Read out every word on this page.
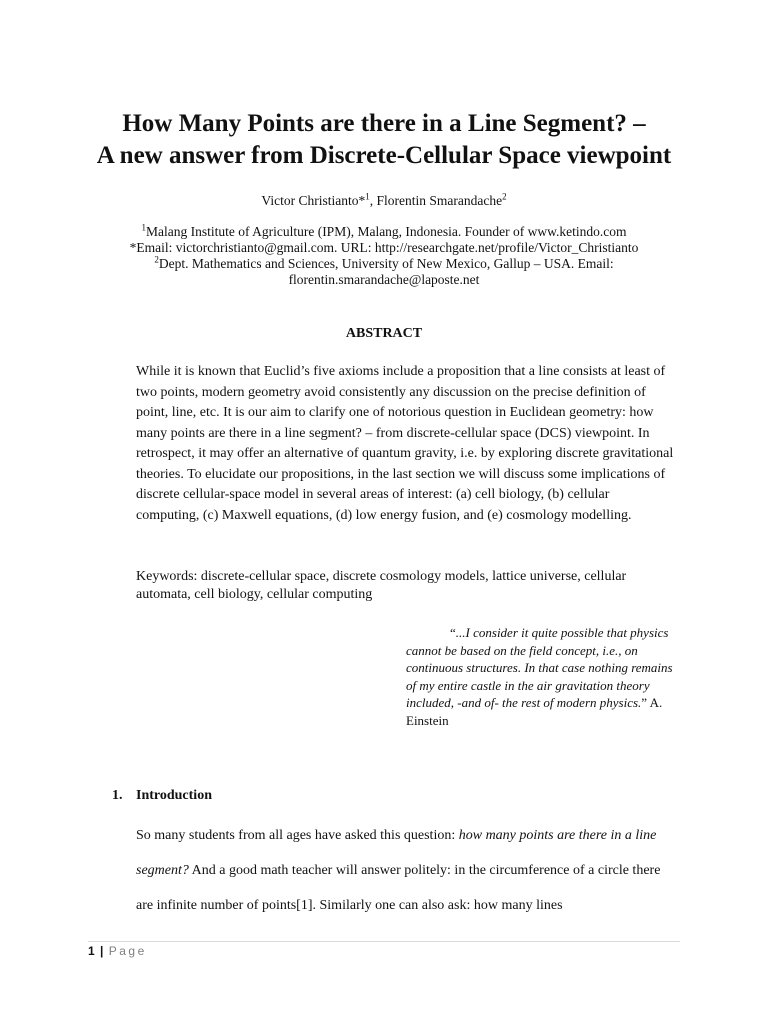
How Many Points are there in a Line Segment? –
A new answer from Discrete-Cellular Space viewpoint
Victor Christianto*$^1$, Florentin Smarandache$^2$
$^1$Malang Institute of Agriculture (IPM), Malang, Indonesia. Founder of www.ketindo.com
*Email: victorchristianto@gmail.com. URL: http://researchgate.net/profile/Victor_Christianto
$^2$Dept. Mathematics and Sciences, University of New Mexico, Gallup – USA. Email:
florentin.smarandache@laposte.net
ABSTRACT

While it is known that Euclid’s five axioms include a proposition that a line consists at least of two points, modern geometry avoid consistently any discussion on the precise definition of point, line, etc. It is our aim to clarify one of notorious question in Euclidean geometry: how many points are there in a line segment? – from discrete-cellular space (DCS) viewpoint. In retrospect, it may offer an alternative of quantum gravity, i.e. by exploring discrete gravitational theories. To elucidate our propositions, in the last section we will discuss some implications of discrete cellular-space model in several areas of interest: (a) cell biology, (b) cellular computing, (c) Maxwell equations, (d) low energy fusion, and (e) cosmology modelling.

Keywords: discrete-cellular space, discrete cosmology models, lattice universe, cellular automata, cell biology, cellular computing

“...I consider it quite possible that physics cannot be based on the field concept, i.e., on continuous structures. In that case nothing remains of my entire castle in the air gravitation theory included, -and of- the rest of modern physics.” A. Einstein

1. Introduction

So many students from all ages have asked this question: how many points are there in a line segment? And a good math teacher will answer politely: in the circumference of a circle there are infinite number of points[1]. Similarly one can also ask: how many lines

1 | Page
